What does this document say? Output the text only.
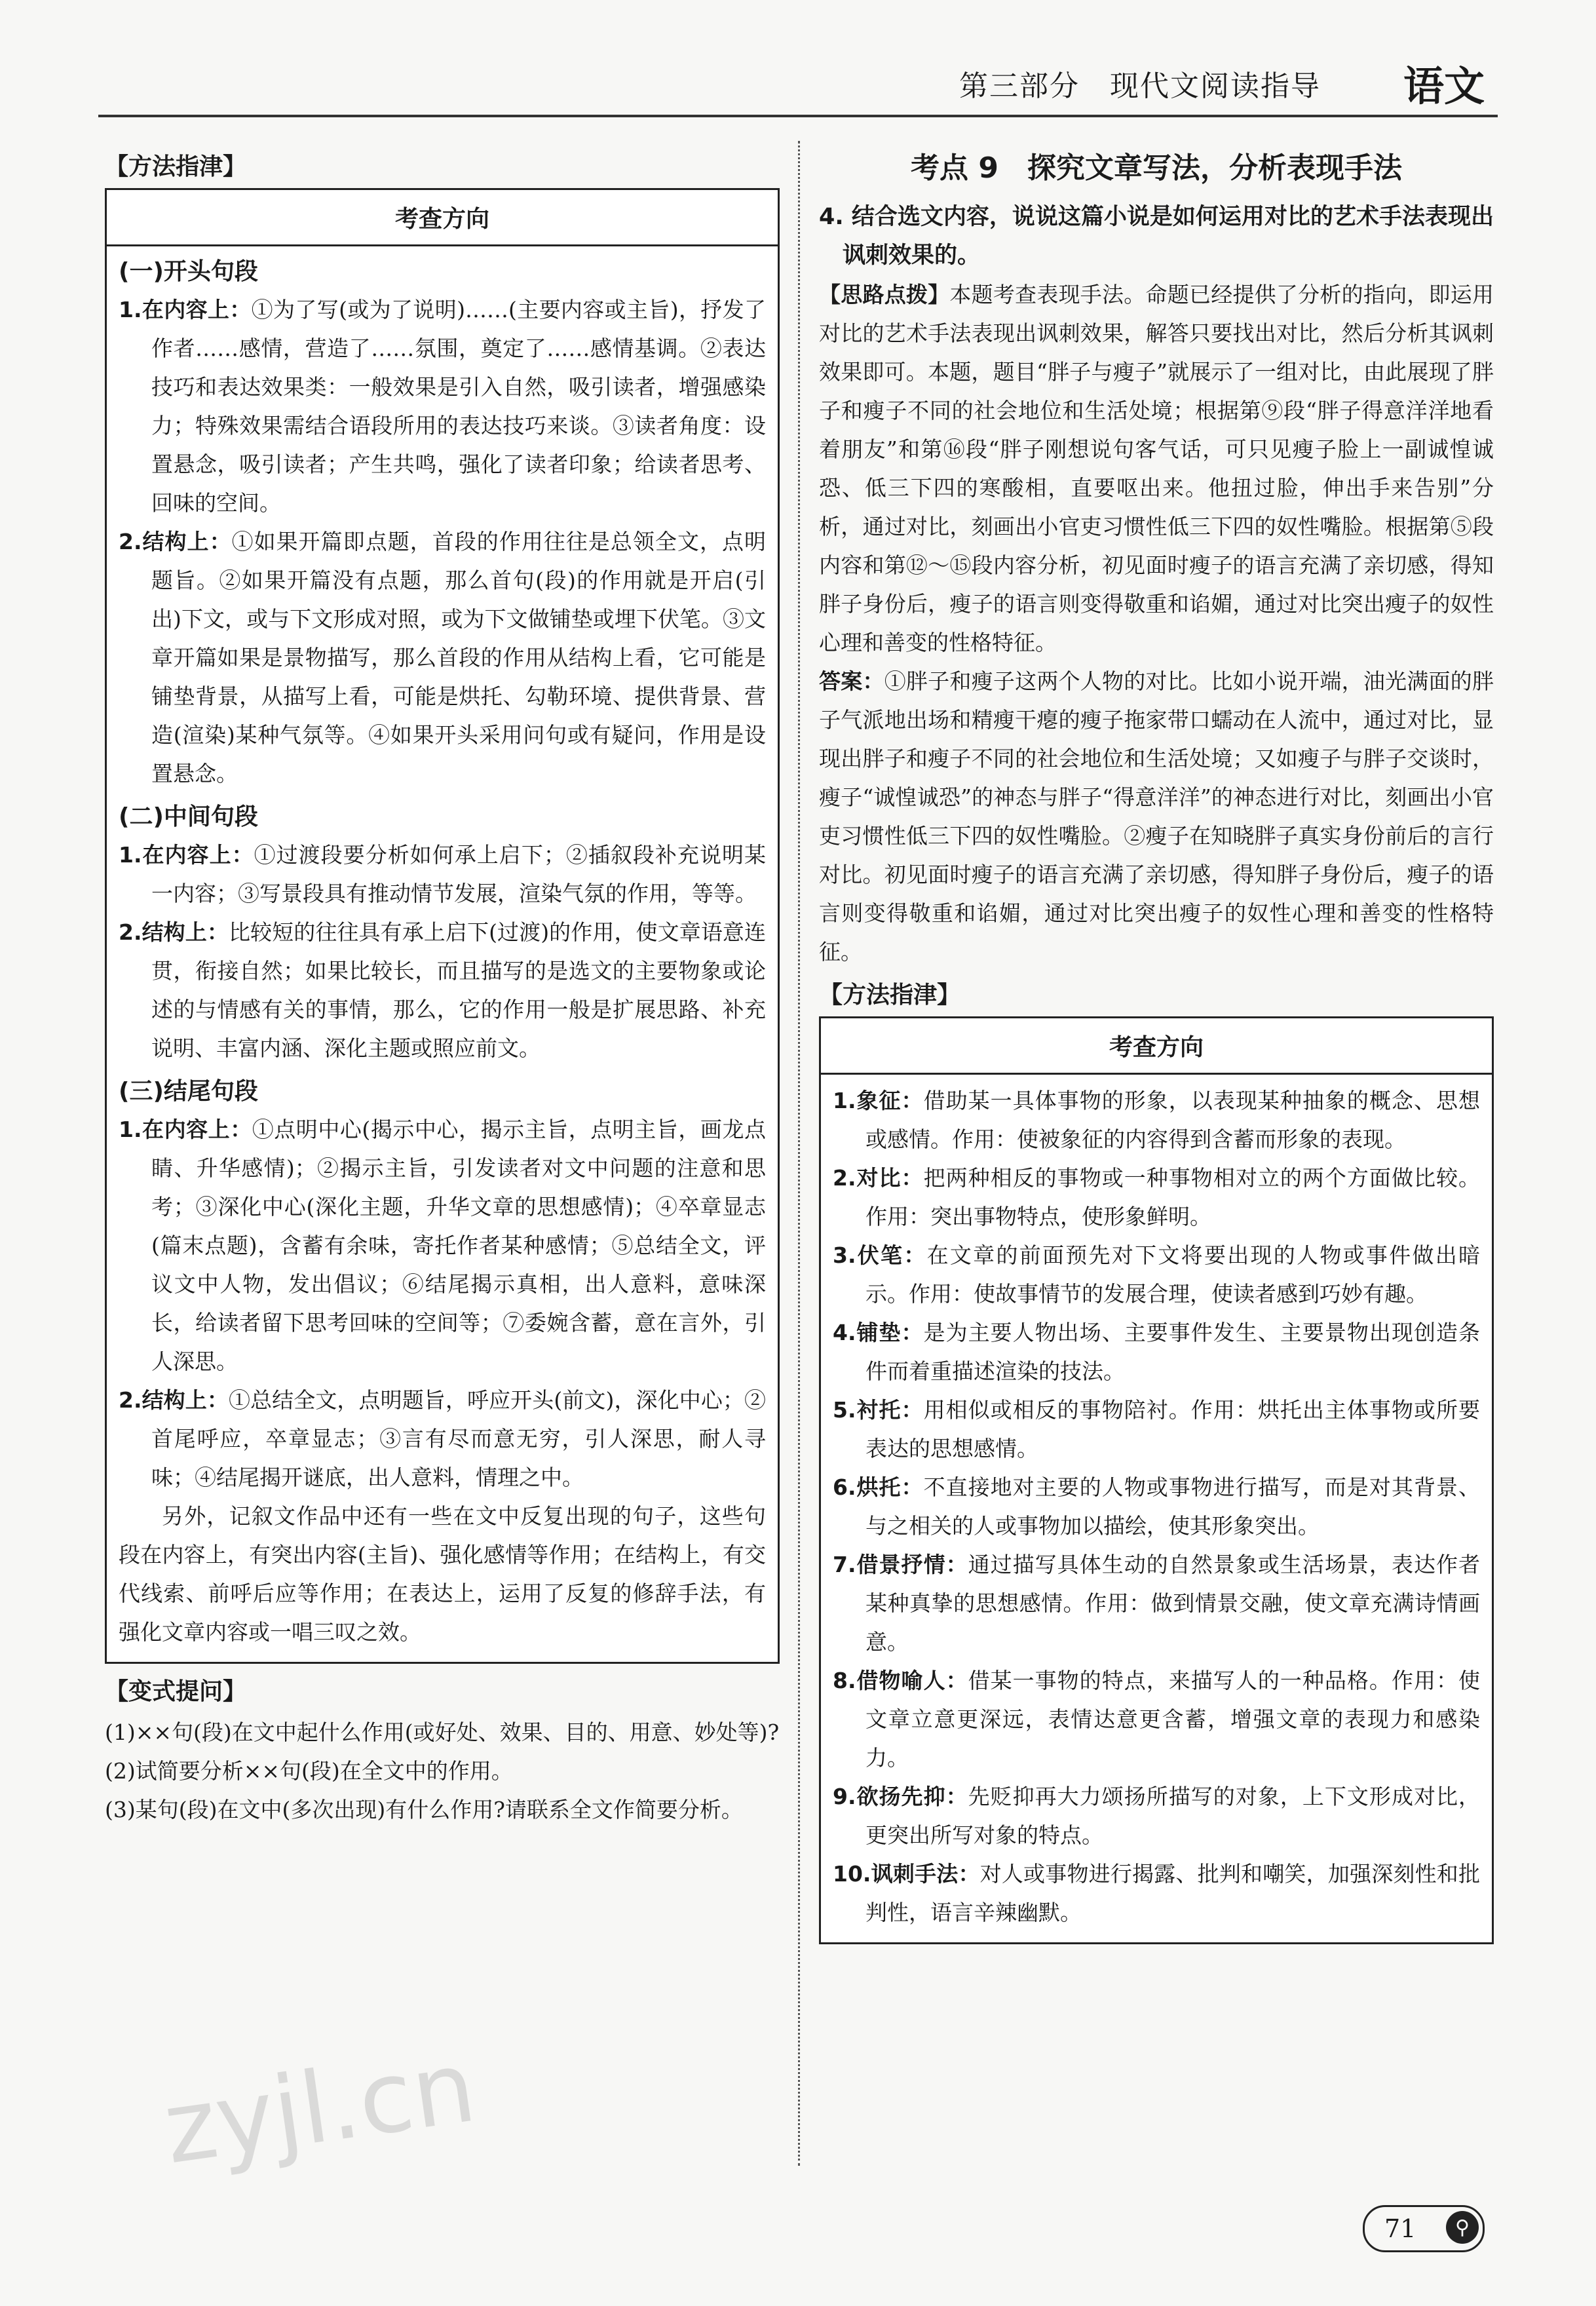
第三部分　现代文阅读指导 语文
【方法指津】
考查方向
(一)开头句段

1.在内容上：①为了写(或为了说明)……(主要内容或主旨)，抒发了作者……感情，营造了……氛围，奠定了……感情基调。②表达技巧和表达效果类：一般效果是引入自然，吸引读者，增强感染力；特殊效果需结合语段所用的表达技巧来谈。③读者角度：设置悬念，吸引读者；产生共鸣，强化了读者印象；给读者思考、回味的空间。

2.结构上：①如果开篇即点题，首段的作用往往是总领全文，点明题旨。②如果开篇没有点题，那么首句(段)的作用就是开启(引出)下文，或与下文形成对照，或为下文做铺垫或埋下伏笔。③文章开篇如果是景物描写，那么首段的作用从结构上看，它可能是铺垫背景，从描写上看，可能是烘托、勾勒环境、提供背景、营造(渲染)某种气氛等。④如果开头采用问句或有疑问，作用是设置悬念。

(二)中间句段

1.在内容上：①过渡段要分析如何承上启下；②插叙段补充说明某一内容；③写景段具有推动情节发展，渲染气氛的作用，等等。

2.结构上：比较短的往往具有承上启下(过渡)的作用，使文章语意连贯，衔接自然；如果比较长，而且描写的是选文的主要物象或论述的与情感有关的事情，那么，它的作用一般是扩展思路、补充说明、丰富内涵、深化主题或照应前文。

(三)结尾句段

1.在内容上：①点明中心(揭示中心，揭示主旨，点明主旨，画龙点睛、升华感情)；②揭示主旨，引发读者对文中问题的注意和思考；③深化中心(深化主题，升华文章的思想感情)；④卒章显志(篇末点题)，含蓄有余味，寄托作者某种感情；⑤总结全文，评议文中人物，发出倡议；⑥结尾揭示真相，出人意料，意味深长，给读者留下思考回味的空间等；⑦委婉含蓄，意在言外，引人深思。

2.结构上：①总结全文，点明题旨，呼应开头(前文)，深化中心；②首尾呼应，卒章显志；③言有尽而意无穷，引人深思，耐人寻味；④结尾揭开谜底，出人意料，情理之中。

另外，记叙文作品中还有一些在文中反复出现的句子，这些句段在内容上，有突出内容(主旨)、强化感情等作用；在结构上，有交代线索、前呼后应等作用；在表达上，运用了反复的修辞手法，有强化文章内容或一唱三叹之效。

【变式提问】

(1)××句(段)在文中起什么作用(或好处、效果、目的、用意、妙处等)?

(2)试简要分析××句(段)在全文中的作用。

(3)某句(段)在文中(多次出现)有什么作用?请联系全文作简要分析。

考点 9　探究文章写法，分析表现手法

4. 结合选文内容，说说这篇小说是如何运用对比的艺术手法表现出讽刺效果的。

【思路点拨】本题考查表现手法。命题已经提供了分析的指向，即运用对比的艺术手法表现出讽刺效果，解答只要找出对比，然后分析其讽刺效果即可。本题，题目“胖子与瘦子”就展示了一组对比，由此展现了胖子和瘦子不同的社会地位和生活处境；根据第⑨段“胖子得意洋洋地看着朋友”和第⑯段“胖子刚想说句客气话，可只见瘦子脸上一副诚惶诚恐、低三下四的寒酸相，直要呕出来。他扭过脸，伸出手来告别”分析，通过对比，刻画出小官吏习惯性低三下四的奴性嘴脸。根据第⑤段内容和第⑫～⑮段内容分析，初见面时瘦子的语言充满了亲切感，得知胖子身份后，瘦子的语言则变得敬重和谄媚，通过对比突出瘦子的奴性心理和善变的性格特征。

答案：①胖子和瘦子这两个人物的对比。比如小说开端，油光满面的胖子气派地出场和精瘦干瘪的瘦子拖家带口蠕动在人流中，通过对比，显现出胖子和瘦子不同的社会地位和生活处境；又如瘦子与胖子交谈时，瘦子“诚惶诚恐”的神态与胖子“得意洋洋”的神态进行对比，刻画出小官吏习惯性低三下四的奴性嘴脸。②瘦子在知晓胖子真实身份前后的言行对比。初见面时瘦子的语言充满了亲切感，得知胖子身份后，瘦子的语言则变得敬重和谄媚，通过对比突出瘦子的奴性心理和善变的性格特征。

【方法指津】
考查方向

1.象征：借助某一具体事物的形象，以表现某种抽象的概念、思想或感情。作用：使被象征的内容得到含蓄而形象的表现。

2.对比：把两种相反的事物或一种事物相对立的两个方面做比较。作用：突出事物特点，使形象鲜明。

3.伏笔：在文章的前面预先对下文将要出现的人物或事件做出暗示。作用：使故事情节的发展合理，使读者感到巧妙有趣。

4.铺垫：是为主要人物出场、主要事件发生、主要景物出现创造条件而着重描述渲染的技法。

5.衬托：用相似或相反的事物陪衬。作用：烘托出主体事物或所要表达的思想感情。

6.烘托：不直接地对主要的人物或事物进行描写，而是对其背景、与之相关的人或事物加以描绘，使其形象突出。

7.借景抒情：通过描写具体生动的自然景象或生活场景，表达作者某种真挚的思想感情。作用：做到情景交融，使文章充满诗情画意。

8.借物喻人：借某一事物的特点，来描写人的一种品格。作用：使文章立意更深远，表情达意更含蓄，增强文章的表现力和感染力。

9.欲扬先抑：先贬抑再大力颂扬所描写的对象，上下文形成对比，更突出所写对象的特点。

10.讽刺手法：对人或事物进行揭露、批判和嘲笑，加强深刻性和批判性，语言辛辣幽默。

zyjl.cn
71	⚲
